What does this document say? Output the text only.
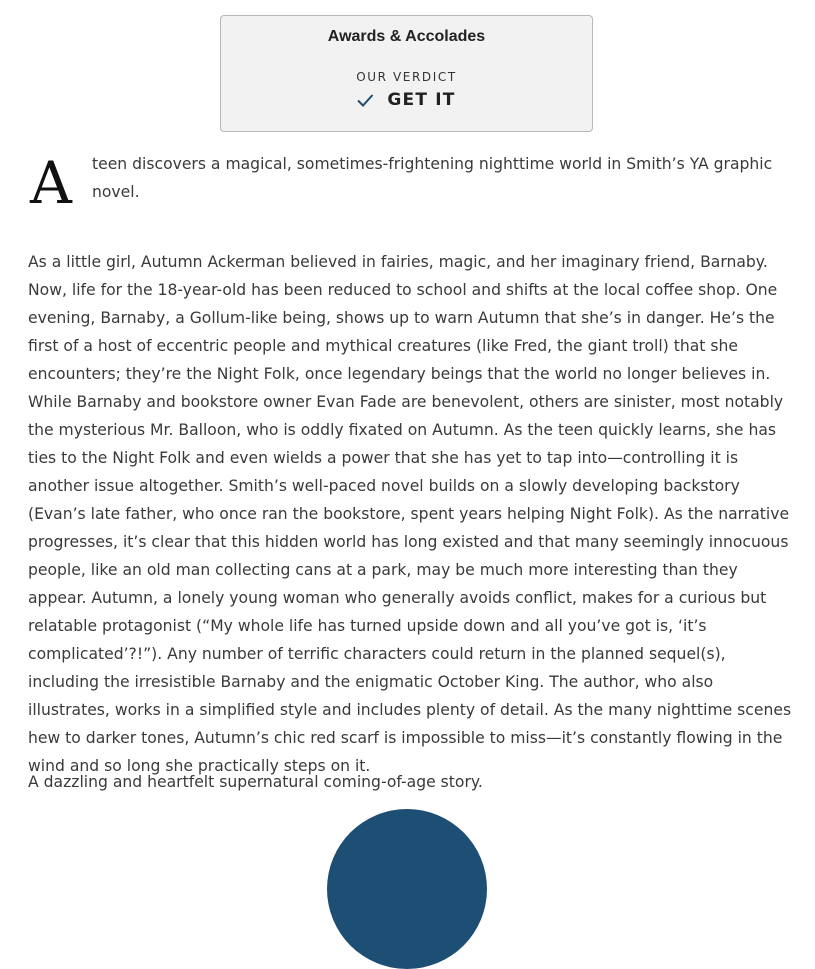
Awards & Accolades
OUR VERDICT
GET IT
A teen discovers a magical, sometimes-frightening nighttime world in Smith’s YA graphic novel.

As a little girl, Autumn Ackerman believed in fairies, magic, and her imaginary friend, Barnaby. Now, life for the 18-year-old has been reduced to school and shifts at the local coffee shop. One evening, Barnaby, a Gollum-like being, shows up to warn Autumn that she’s in danger. He’s the first of a host of eccentric people and mythical creatures (like Fred, the giant troll) that she encounters; they’re the Night Folk, once legendary beings that the world no longer believes in. While Barnaby and bookstore owner Evan Fade are benevolent, others are sinister, most notably the mysterious Mr. Balloon, who is oddly fixated on Autumn. As the teen quickly learns, she has ties to the Night Folk and even wields a power that she has yet to tap into—controlling it is another issue altogether. Smith’s well-paced novel builds on a slowly developing backstory (Evan’s late father, who once ran the bookstore, spent years helping Night Folk). As the narrative progresses, it’s clear that this hidden world has long existed and that many seemingly innocuous people, like an old man collecting cans at a park, may be much more interesting than they appear. Autumn, a lonely young woman who generally avoids conflict, makes for a curious but relatable protagonist (“My whole life has turned upside down and all you’ve got is, ‘it’s complicated’?!”). Any number of terrific characters could return in the planned sequel(s), including the irresistible Barnaby and the enigmatic October King. The author, who also illustrates, works in a simplified style and includes plenty of detail. As the many nighttime scenes hew to darker tones, Autumn’s chic red scarf is impossible to miss—it’s constantly flowing in the wind and so long she practically steps on it.

A dazzling and heartfelt supernatural coming-of-age story.
